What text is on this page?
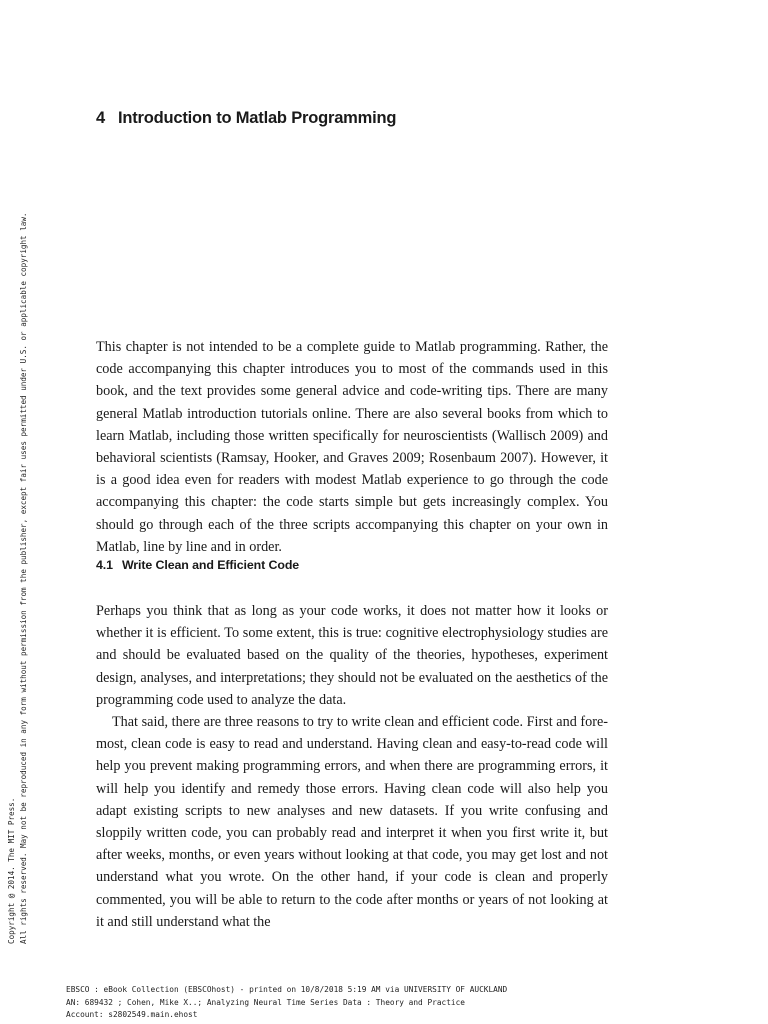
Copyright @ 2014. The MIT Press. All rights reserved. May not be reproduced in any form without permission from the publisher, except fair uses permitted under U.S. or applicable copyright law.
4 Introduction to Matlab Programming

This chapter is not intended to be a complete guide to Matlab programming. Rather, the code accompanying this chapter introduces you to most of the commands used in this book, and the text provides some general advice and code-writing tips. There are many general Matlab introduction tutorials online. There are also several books from which to learn Matlab, including those written specifically for neuroscientists (Wallisch 2009) and behavioral scientists (Ramsay, Hooker, and Graves 2009; Rosenbaum 2007). However, it is a good idea even for readers with modest Matlab experience to go through the code accompanying this chapter: the code starts simple but gets increasingly complex. You should go through each of the three scripts accompanying this chapter on your own in Matlab, line by line and in order.

4.1 Write Clean and Efficient Code

Perhaps you think that as long as your code works, it does not matter how it looks or whether it is efficient. To some extent, this is true: cognitive electrophysiology studies are and should be evaluated based on the quality of the theories, hypotheses, experiment design, analyses, and interpretations; they should not be evaluated on the aesthetics of the programming code used to analyze the data.

That said, there are three reasons to try to write clean and efficient code. First and foremost, clean code is easy to read and understand. Having clean and easy-to-read code will help you prevent making programming errors, and when there are programming errors, it will help you identify and remedy those errors. Having clean code will also help you adapt existing scripts to new analyses and new datasets. If you write confusing and sloppily written code, you can probably read and interpret it when you first write it, but after weeks, months, or even years without looking at that code, you may get lost and not understand what you wrote. On the other hand, if your code is clean and properly commented, you will be able to return to the code after months or years of not looking at it and still understand what the

EBSCO : eBook Collection (EBSCOhost) - printed on 10/8/2018 5:19 AM via UNIVERSITY OF AUCKLAND
AN: 689432 ; Cohen, Mike X..; Analyzing Neural Time Series Data : Theory and Practice
Account: s2802549.main.ehost
